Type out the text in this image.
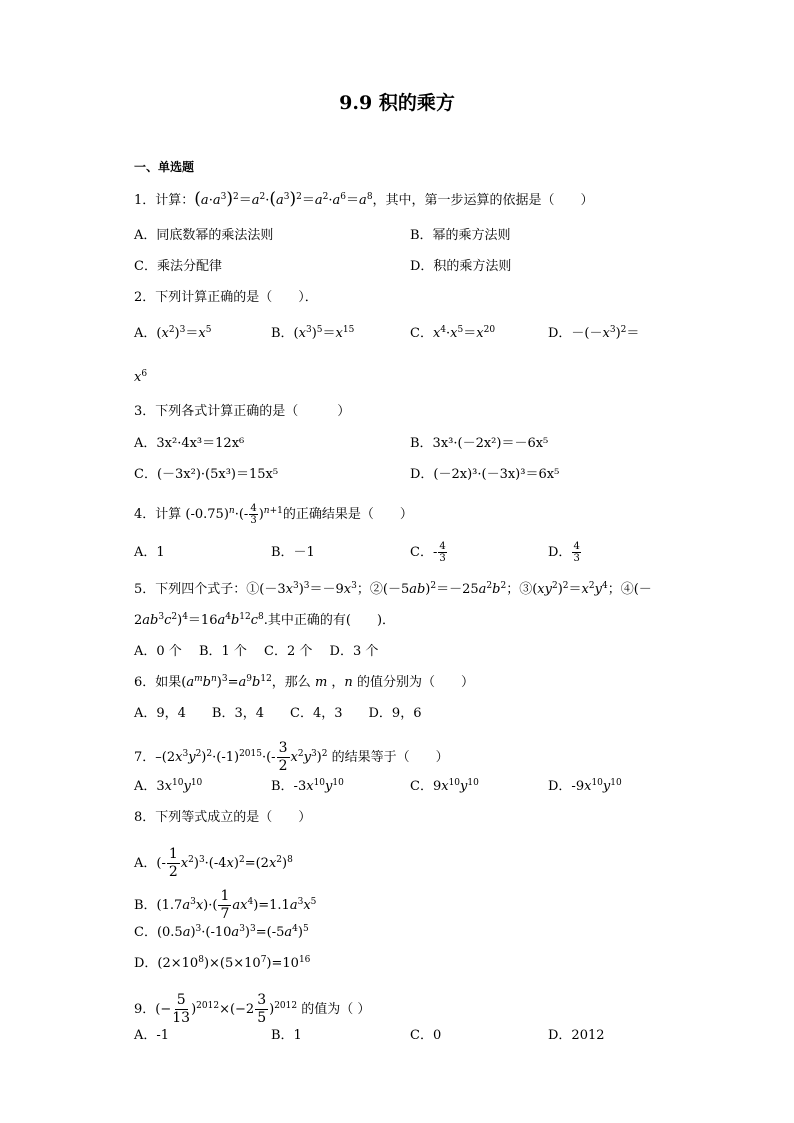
9.9 积的乘方
一、单选题
1．计算：$(a\cdot a^3)^2=a^2\cdot(a^3)^2=a^2\cdot a^6=a^8$，其中，第一步运算的依据是（　　）
A．同底数幂的乘法法则	B．幂的乘方法则
C．乘法分配律	D．积的乘方法则
2．下列计算正确的是（　　）．
A．$(x^2)^3=x^5$	B．$(x^3)^5=x^{15}$	C．$x^4\cdot x^5=x^{20}$	D．$-(-x^3)^2=$
$x^6$
3．下列各式计算正确的是（　　　）
A．3x²·4x³＝12x⁶	B．3x³·(－2x²)＝－6x⁵
C．(－3x²)·(5x³)＝15x⁵	D．(－2x)³·(－3x)³＝6x⁵
4．计算 $(-0.75)^n\cdot(- \frac{4}{3} )^{n+1}$的正确结果是（　　）
A．1	B．－1	C．- $\frac{4}{3}$	D． $\frac{4}{3}$
5．下列四个式子：$①(-3x^3)^3=-9x^3$；$②(-5ab)^2=-25a^2b^2$；$③(xy^2)^2=x^2y^4$；④(－
$2ab^3c^2)^4=16a^4b^{12}c^8$.其中正确的有(　　)．
A．0 个　 B．1 个　 C．2 个　 D．3 个
6．如果$(a^mb^n)^3=a^9b^{12}$，那么 m ，n 的值分别为（　　）
A．9，4　　B．3，4　　C．4，3　　D．9，6
7．$-(2x^3y^2)^2\cdot(-1)^{2015}\cdot(- \frac{3}{2} x^2y^3)^2$ 的结果等于（　　）
A．$3x^{10}y^{10}$	B．$-3x^{10}y^{10}$	C．$9x^{10}y^{10}$	D．$-9x^{10}y^{10}$
8．下列等式成立的是（　　）
A．(- $\frac{1}{2} x^2)^3\cdot(-4x)^2=(2x^2)^8$
B．$(1.7a^3x)\cdot( \frac{1}{7} ax^4)=1.1a^3x^5$
C．$(0.5a)^3\cdot(-10a^3)^3=(-5a^4)^5$
D．$(2\times 10^8)\times(5\times 10^7)=10^{16}$
9．(− $\frac{5}{13} )^{2012}\times(-2 \frac{3}{5} )^{2012}$ 的值为（ ）
A．-1	B．1	C．0	D．2012
